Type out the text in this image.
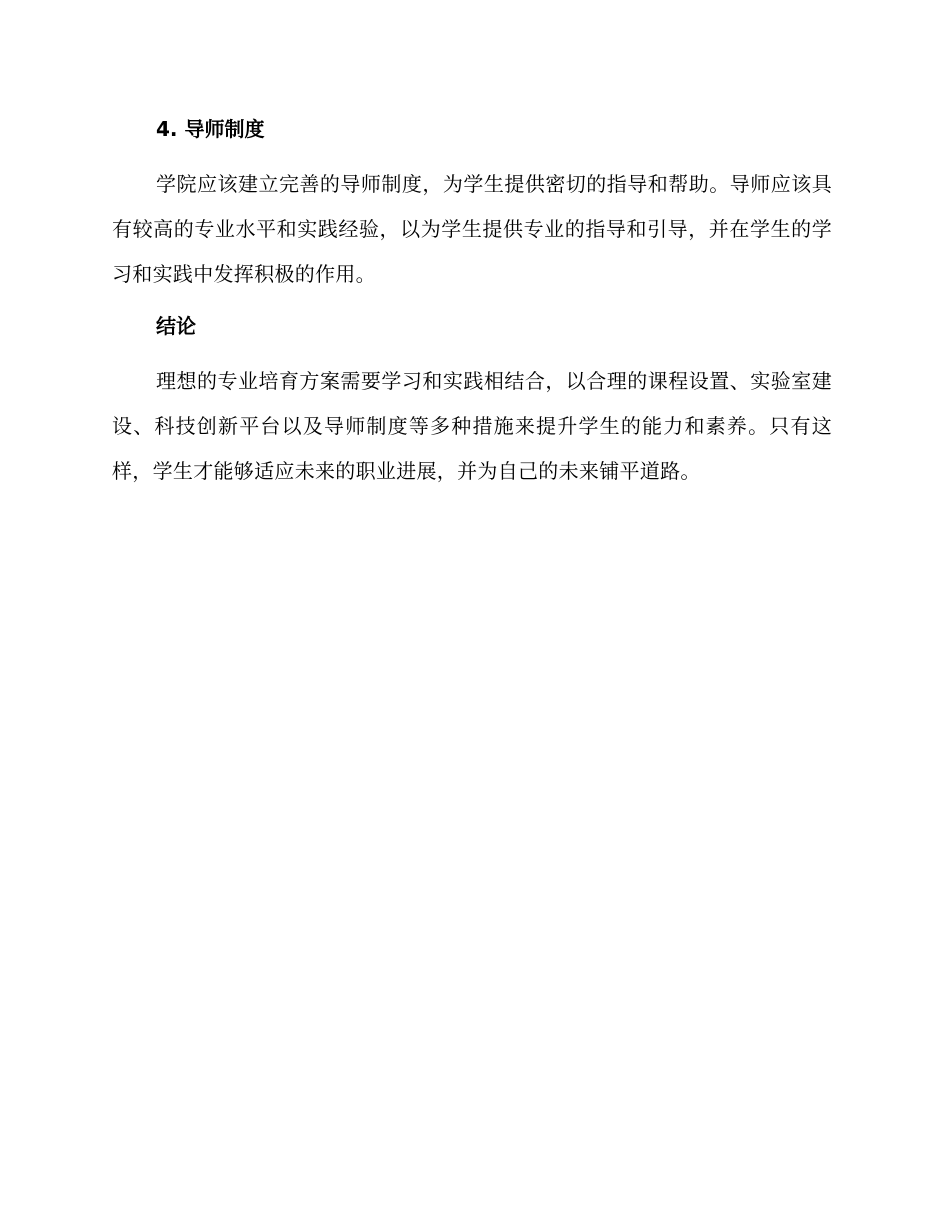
4. 导师制度

学院应该建立完善的导师制度，为学生提供密切的指导和帮助。导师应该具有较高的专业水平和实践经验，以为学生提供专业的指导和引导，并在学生的学习和实践中发挥积极的作用。

结论

理想的专业培育方案需要学习和实践相结合，以合理的课程设置、实验室建设、科技创新平台以及导师制度等多种措施来提升学生的能力和素养。只有这样，学生才能够适应未来的职业进展，并为自己的未来铺平道路。
